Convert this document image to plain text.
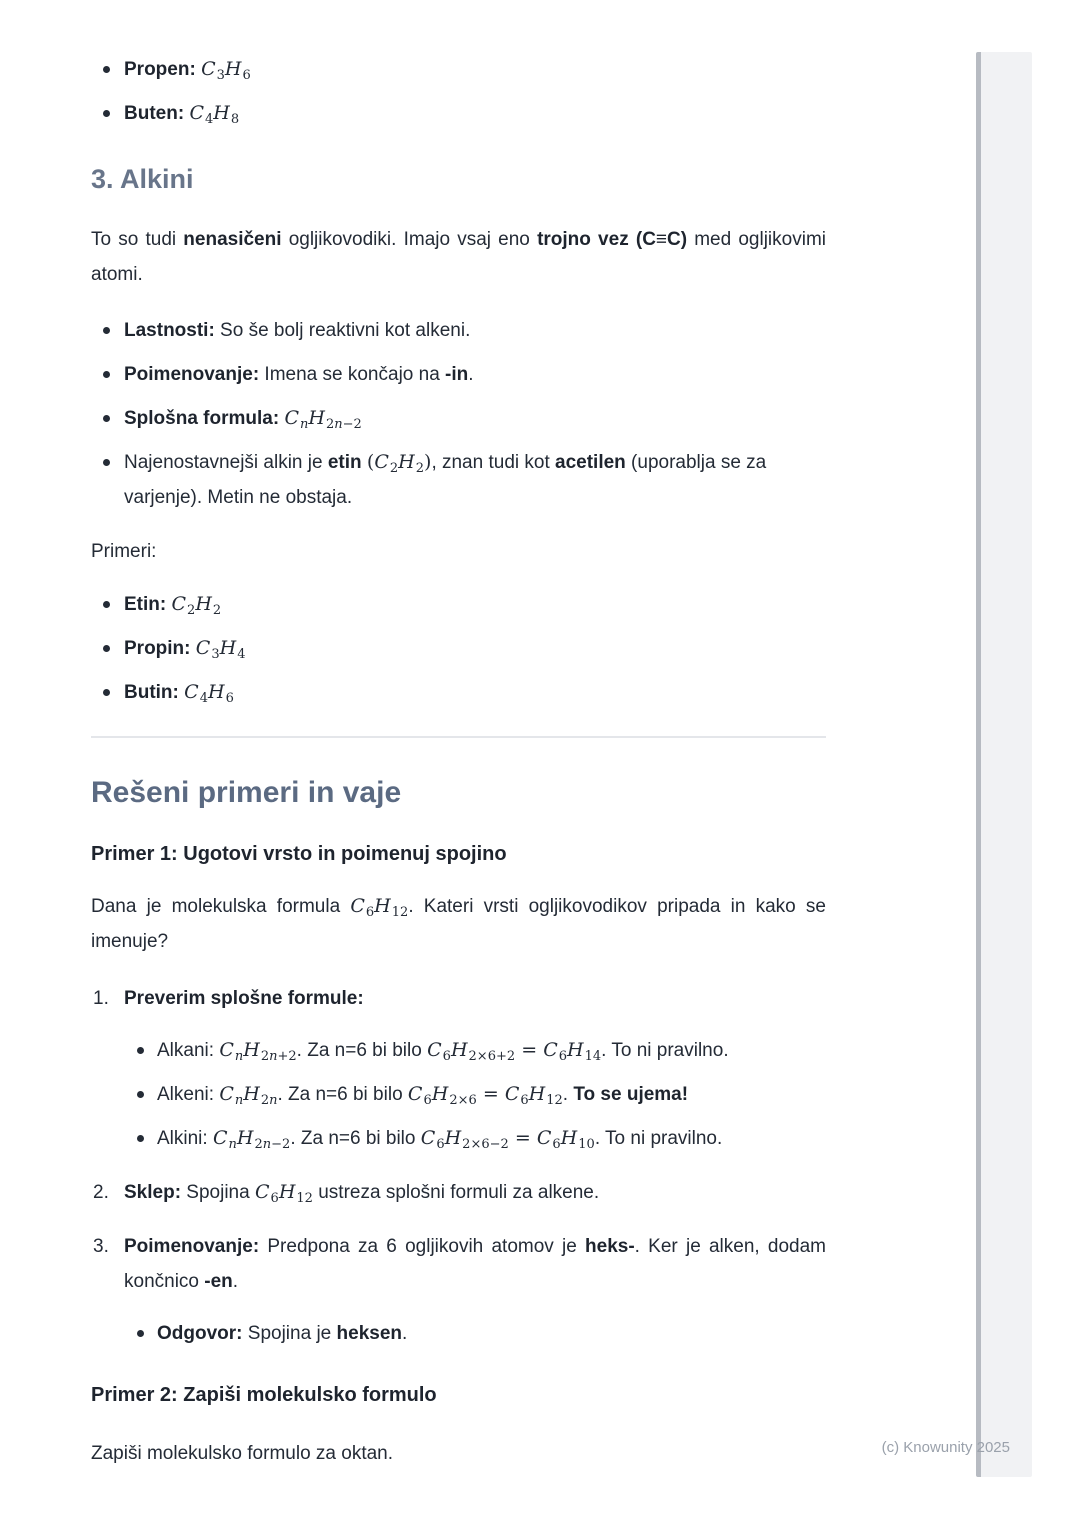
Propen: $C_3H_6$
Buten: $C_4H_8$
3. Alkini
To so tudi nenasičeni ogljikovodiki. Imajo vsaj eno trojno vez (C≡C) med ogljikovimi atomi.
Lastnosti: So še bolj reaktivni kot alkeni.
Poimenovanje: Imena se končajo na -in.
Splošna formula: $C_nH_{2n-2}$
Najenostavnejši alkin je etin $(C_2H_2)$, znan tudi kot acetilen (uporablja se za varjenje). Metin ne obstaja.
Primeri:
Etin: $C_2H_2$
Propin: $C_3H_4$
Butin: $C_4H_6$
Rešeni primeri in vaje
Primer 1: Ugotovi vrsto in poimenuj spojino
Dana je molekulska formula $C_6H_{12}$. Kateri vrsti ogljikovodikov pripada in kako se imenuje?
1. Preverim splošne formule:
Alkani: $C_nH_{2n+2}$. Za n=6 bi bilo $C_6H_{2\times 6+2} = C_6H_{14}$. To ni pravilno.
Alkeni: $C_nH_{2n}$. Za n=6 bi bilo $C_6H_{2\times 6} = C_6H_{12}$. To se ujema!
Alkini: $C_nH_{2n-2}$. Za n=6 bi bilo $C_6H_{2\times 6-2} = C_6H_{10}$. To ni pravilno.
2. Sklep: Spojina $C_6H_{12}$ ustreza splošni formuli za alkene.
3. Poimenovanje: Predpona za 6 ogljikovih atomov je heks-. Ker je alken, dodam končnico -en.
Odgovor: Spojina je heksen.
Primer 2: Zapiši molekulsko formulo
Zapiši molekulsko formulo za oktan.	(c) Knowunity 2025
